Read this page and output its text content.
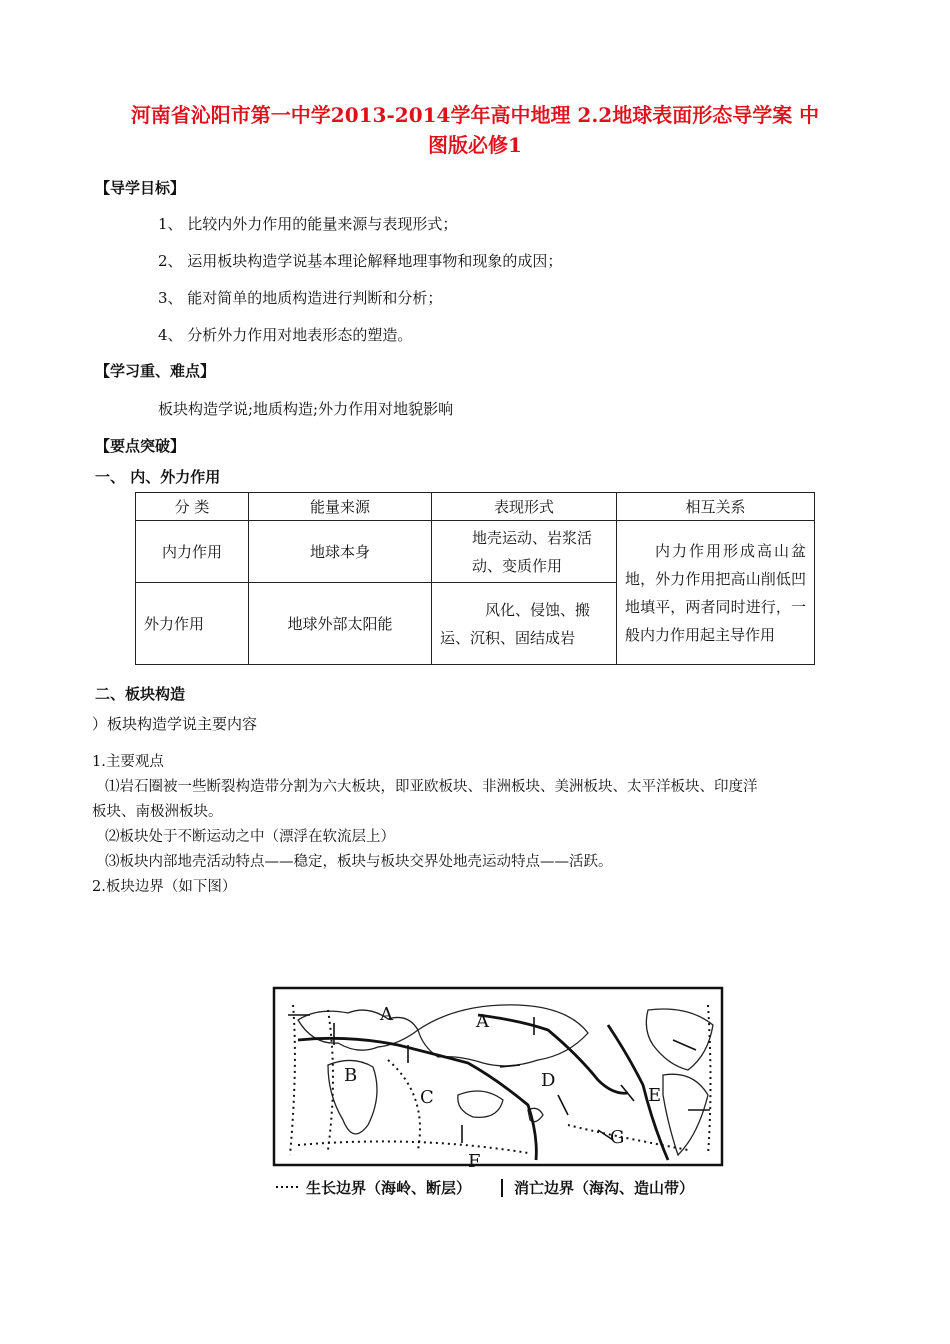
河南省沁阳市第一中学2013-2014学年高中地理 2.2地球表面形态导学案 中
图版必修1
【导学目标】
1、 比较内外力作用的能量来源与表现形式；
2、 运用板块构造学说基本理论解释地理事物和现象的成因；
3、 能对简单的地质构造进行判断和分析；
4、 分析外力作用对地表形态的塑造。
【学习重、难点】
板块构造学说;地质构造;外力作用对地貌影响
【要点突破】
一、 内、外力作用
分 类	能量来源	表现形式	相互关系
内力作用	地球本身	地壳运动、岩浆活动、变质作用	内力作用形成高山盆地，外力作用把高山削低凹地填平，两者同时进行，一般内力作用起主导作用
外力作用	地球外部太阳能	风化、侵蚀、搬运、沉积、固结成岩	
二、板块构造
）板块构造学说主要内容
1.主要观点
⑴岩石圈被一些断裂构造带分割为六大板块，即亚欧板块、非洲板块、美洲板块、太平洋板块、印度洋
板块、南极洲板块。
⑵板块处于不断运动之中（漂浮在软流层上）
⑶板块内部地壳活动特点——稳定，板块与板块交界处地壳运动特点——活跃。
2.板块边界（如下图）
A	A
B
C
D
E
F
G
生长边界（海岭、断层）	消亡边界（海沟、造山带）
